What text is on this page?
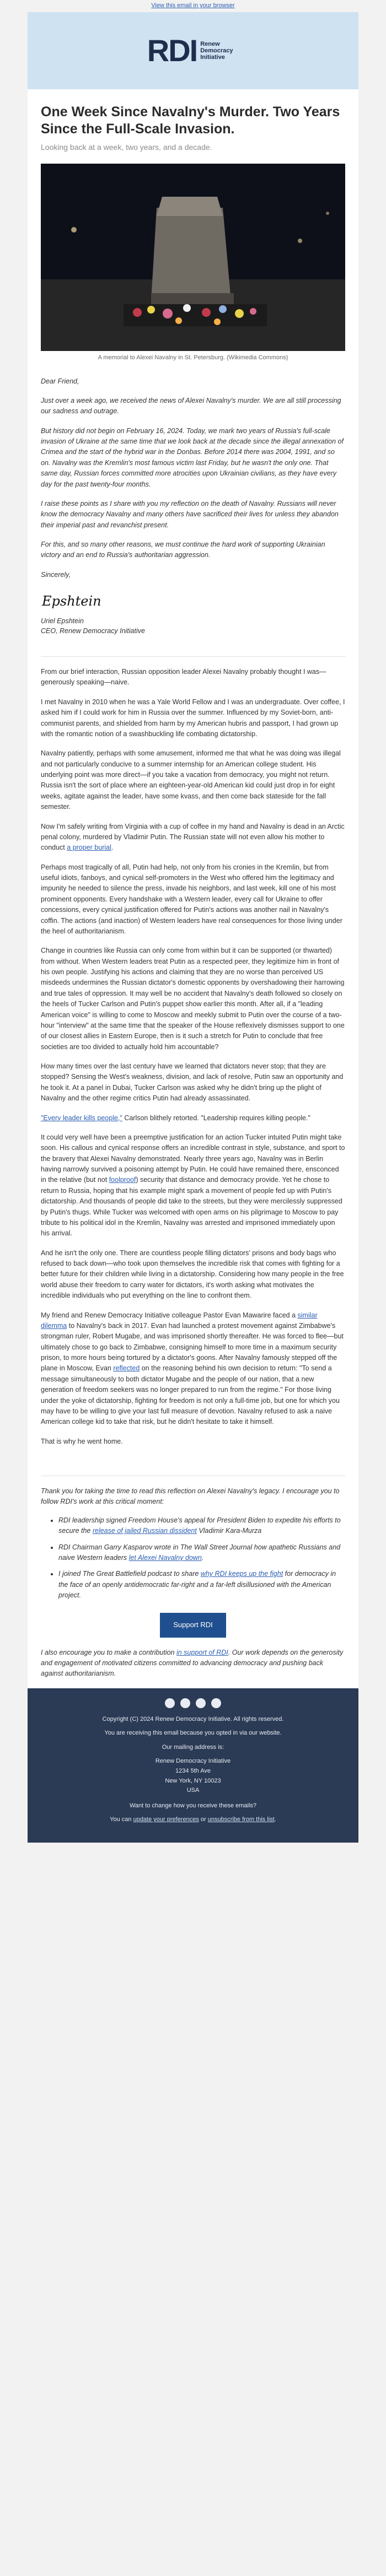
View this email in your browser
RDI Renew Democracy Initiative
One Week Since Navalny's Murder. Two Years Since the Full-Scale Invasion.
Looking back at a week, two years, and a decade.
A memorial to Alexei Navalny in St. Petersburg. (Wikimedia Commons)

Dear Friend,

Just over a week ago, we received the news of Alexei Navalny's murder. We are all still processing our sadness and outrage.

But history did not begin on February 16, 2024. Today, we mark two years of Russia's full-scale invasion of Ukraine at the same time that we look back at the decade since the illegal annexation of Crimea and the start of the hybrid war in the Donbas. Before 2014 there was 2004, 1991, and so on. Navalny was the Kremlin's most famous victim last Friday, but he wasn't the only one. That same day, Russian forces committed more atrocities upon Ukrainian civilians, as they have every day for the past twenty-four months.

I raise these points as I share with you my reflection on the death of Navalny. Russians will never know the democracy Navalny and many others have sacrificed their lives for unless they abandon their imperial past and revanchist present.

For this, and so many other reasons, we must continue the hard work of supporting Ukrainian victory and an end to Russia's authoritarian aggression.

Sincerely,

Epshtein
Uriel Epshtein
CEO, Renew Democracy Initiative

From our brief interaction, Russian opposition leader Alexei Navalny probably thought I was—generously speaking—naive.

I met Navalny in 2010 when he was a Yale World Fellow and I was an undergraduate. Over coffee, I asked him if I could work for him in Russia over the summer. Influenced by my Soviet-born, anti-communist parents, and shielded from harm by my American hubris and passport, I had grown up with the romantic notion of a swashbuckling life combating dictatorship.

Navalny patiently, perhaps with some amusement, informed me that what he was doing was illegal and not particularly conducive to a summer internship for an American college student. His underlying point was more direct—if you take a vacation from democracy, you might not return. Russia isn't the sort of place where an eighteen-year-old American kid could just drop in for eight weeks, agitate against the leader, have some kvass, and then come back stateside for the fall semester.

Now I'm safely writing from Virginia with a cup of coffee in my hand and Navalny is dead in an Arctic penal colony, murdered by Vladimir Putin. The Russian state will not even allow his mother to conduct a proper burial.

Perhaps most tragically of all, Putin had help, not only from his cronies in the Kremlin, but from useful idiots, fanboys, and cynical self-promoters in the West who offered him the legitimacy and impunity he needed to silence the press, invade his neighbors, and last week, kill one of his most prominent opponents. Every handshake with a Western leader, every call for Ukraine to offer concessions, every cynical justification offered for Putin's actions was another nail in Navalny's coffin. The actions (and inaction) of Western leaders have real consequences for those living under the heel of authoritarianism.

Change in countries like Russia can only come from within but it can be supported (or thwarted) from without. When Western leaders treat Putin as a respected peer, they legitimize him in front of his own people. Justifying his actions and claiming that they are no worse than perceived US misdeeds undermines the Russian dictator's domestic opponents by overshadowing their harrowing and true tales of oppression. It may well be no accident that Navalny's death followed so closely on the heels of Tucker Carlson and Putin's puppet show earlier this month. After all, if a "leading American voice" is willing to come to Moscow and meekly submit to Putin over the course of a two-hour "interview" at the same time that the speaker of the House reflexively dismisses support to one of our closest allies in Eastern Europe, then is it such a stretch for Putin to conclude that free societies are too divided to actually hold him accountable?

How many times over the last century have we learned that dictators never stop; that they are stopped? Sensing the West's weakness, division, and lack of resolve, Putin saw an opportunity and he took it. At a panel in Dubai, Tucker Carlson was asked why he didn't bring up the plight of Navalny and the other regime critics Putin had already assassinated.

"Every leader kills people," Carlson blithely retorted. "Leadership requires killing people."

It could very well have been a preemptive justification for an action Tucker intuited Putin might take soon. His callous and cynical response offers an incredible contrast in style, substance, and sport to the bravery that Alexei Navalny demonstrated. Nearly three years ago, Navalny was in Berlin having narrowly survived a poisoning attempt by Putin. He could have remained there, ensconced in the relative (but not foolproof) security that distance and democracy provide. Yet he chose to return to Russia, hoping that his example might spark a movement of people fed up with Putin's dictatorship. And thousands of people did take to the streets, but they were mercilessly suppressed by Putin's thugs. While Tucker was welcomed with open arms on his pilgrimage to Moscow to pay tribute to his political idol in the Kremlin, Navalny was arrested and imprisoned immediately upon his arrival.

And he isn't the only one. There are countless people filling dictators' prisons and body bags who refused to back down—who took upon themselves the incredible risk that comes with fighting for a better future for their children while living in a dictatorship. Considering how many people in the free world abuse their freedom to carry water for dictators, it's worth asking what motivates the incredible individuals who put everything on the line to confront them.

My friend and Renew Democracy Initiative colleague Pastor Evan Mawarire faced a similar dilemma to Navalny's back in 2017. Evan had launched a protest movement against Zimbabwe's strongman ruler, Robert Mugabe, and was imprisoned shortly thereafter. He was forced to flee—but ultimately chose to go back to Zimbabwe, consigning himself to more time in a maximum security prison, to more hours being tortured by a dictator's goons. After Navalny famously stepped off the plane in Moscow, Evan reflected on the reasoning behind his own decision to return: "To send a message simultaneously to both dictator Mugabe and the people of our nation, that a new generation of freedom seekers was no longer prepared to run from the regime." For those living under the yoke of dictatorship, fighting for freedom is not only a full-time job, but one for which you may have to be willing to give your last full measure of devotion. Navalny refused to ask a naive American college kid to take that risk, but he didn't hesitate to take it himself.

That is why he went home.

Thank you for taking the time to read this reflection on Alexei Navalny's legacy. I encourage you to follow RDI's work at this critical moment:

• RDI leadership signed Freedom House's appeal for President Biden to expedite his efforts to secure the release of jailed Russian dissident Vladimir Kara-Murza
• RDI Chairman Garry Kasparov wrote in The Wall Street Journal how apathetic Russians and naive Western leaders let Alexei Navalny down.
• I joined The Great Battlefield podcast to share why RDI keeps up the fight for democracy in the face of an openly antidemocratic far-right and a far-left disillusioned with the American project.
Support RDI

I also encourage you to make a contribution in support of RDI. Our work depends on the generosity and engagement of motivated citizens committed to advancing democracy and pushing back against authoritarianism.

Copyright (C) 2024 Renew Democracy Initiative. All rights reserved.

You are receiving this email because you opted in via our website.

Our mailing address is:

Renew Democracy Initiative
1234 5th Ave
New York, NY 10023
USA

Want to change how you receive these emails?

You can update your preferences or unsubscribe from this list.
